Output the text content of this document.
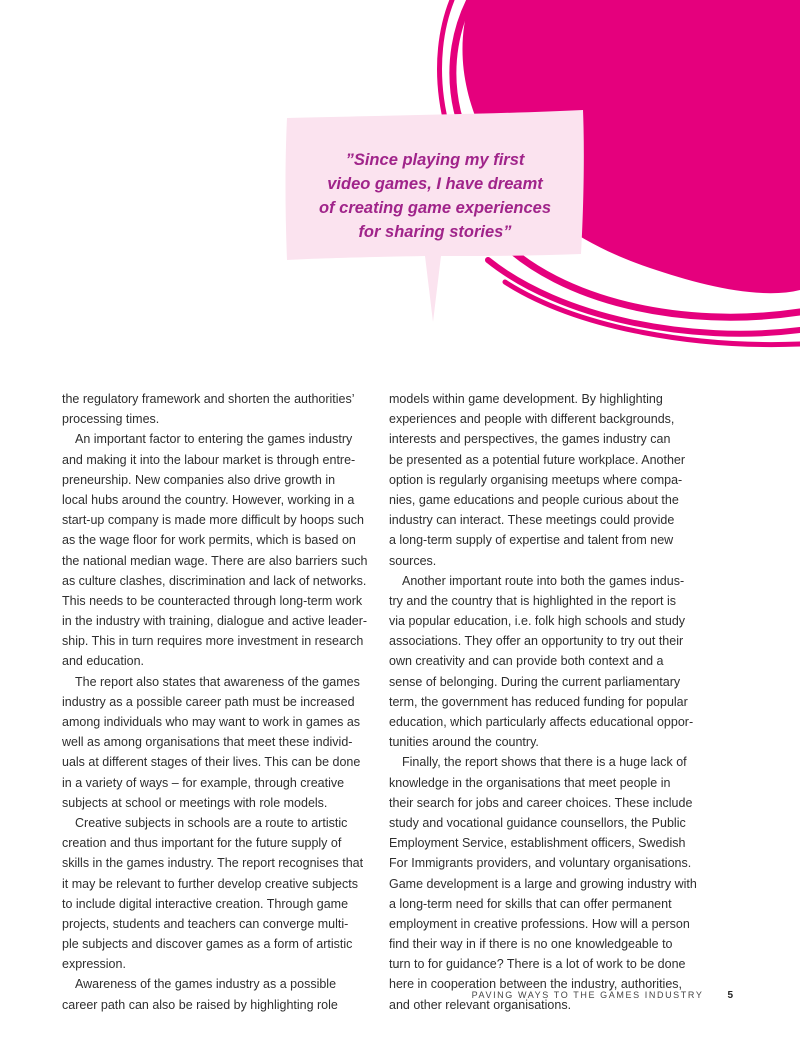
”Since playing my first
video games, I have dreamt
of creating game experiences
for sharing stories”
the regulatory framework and shorten the authorities’
processing times.
An important factor to entering the games industry
and making it into the labour market is through entre-
preneurship. New companies also drive growth in
local hubs around the country. However, working in a
start-up company is made more difficult by hoops such
as the wage floor for work permits, which is based on
the national median wage. There are also barriers such
as culture clashes, discrimination and lack of networks.
This needs to be counteracted through long-term work
in the industry with training, dialogue and active leader-
ship. This in turn requires more investment in research
and education.
The report also states that awareness of the games
industry as a possible career path must be increased
among individuals who may want to work in games as
well as among organisations that meet these individ-
uals at different stages of their lives. This can be done
in a variety of ways – for example, through creative
subjects at school or meetings with role models.
Creative subjects in schools are a route to artistic
creation and thus important for the future supply of
skills in the games industry. The report recognises that
it may be relevant to further develop creative subjects
to include digital interactive creation. Through game
projects, students and teachers can converge multi-
ple subjects and discover games as a form of artistic
expression.
Awareness of the games industry as a possible
career path can also be raised by highlighting role
models within game development. By highlighting
experiences and people with different backgrounds,
interests and perspectives, the games industry can
be presented as a potential future workplace. Another
option is regularly organising meetups where compa-
nies, game educations and people curious about the
industry can interact. These meetings could provide
a long-term supply of expertise and talent from new
sources.
Another important route into both the games indus-
try and the country that is highlighted in the report is
via popular education, i.e. folk high schools and study
associations. They offer an opportunity to try out their
own creativity and can provide both context and a
sense of belonging. During the current parliamentary
term, the government has reduced funding for popular
education, which particularly affects educational oppor-
tunities around the country.
Finally, the report shows that there is a huge lack of
knowledge in the organisations that meet people in
their search for jobs and career choices. These include
study and vocational guidance counsellors, the Public
Employment Service, establishment officers, Swedish
For Immigrants providers, and voluntary organisations.
Game development is a large and growing industry with
a long-term need for skills that can offer permanent
employment in creative professions. How will a person
find their way in if there is no one knowledgeable to
turn to for guidance? There is a lot of work to be done
here in cooperation between the industry, authorities,
and other relevant organisations.
PAVING WAYS TO THE GAMES INDUSTRY 5
